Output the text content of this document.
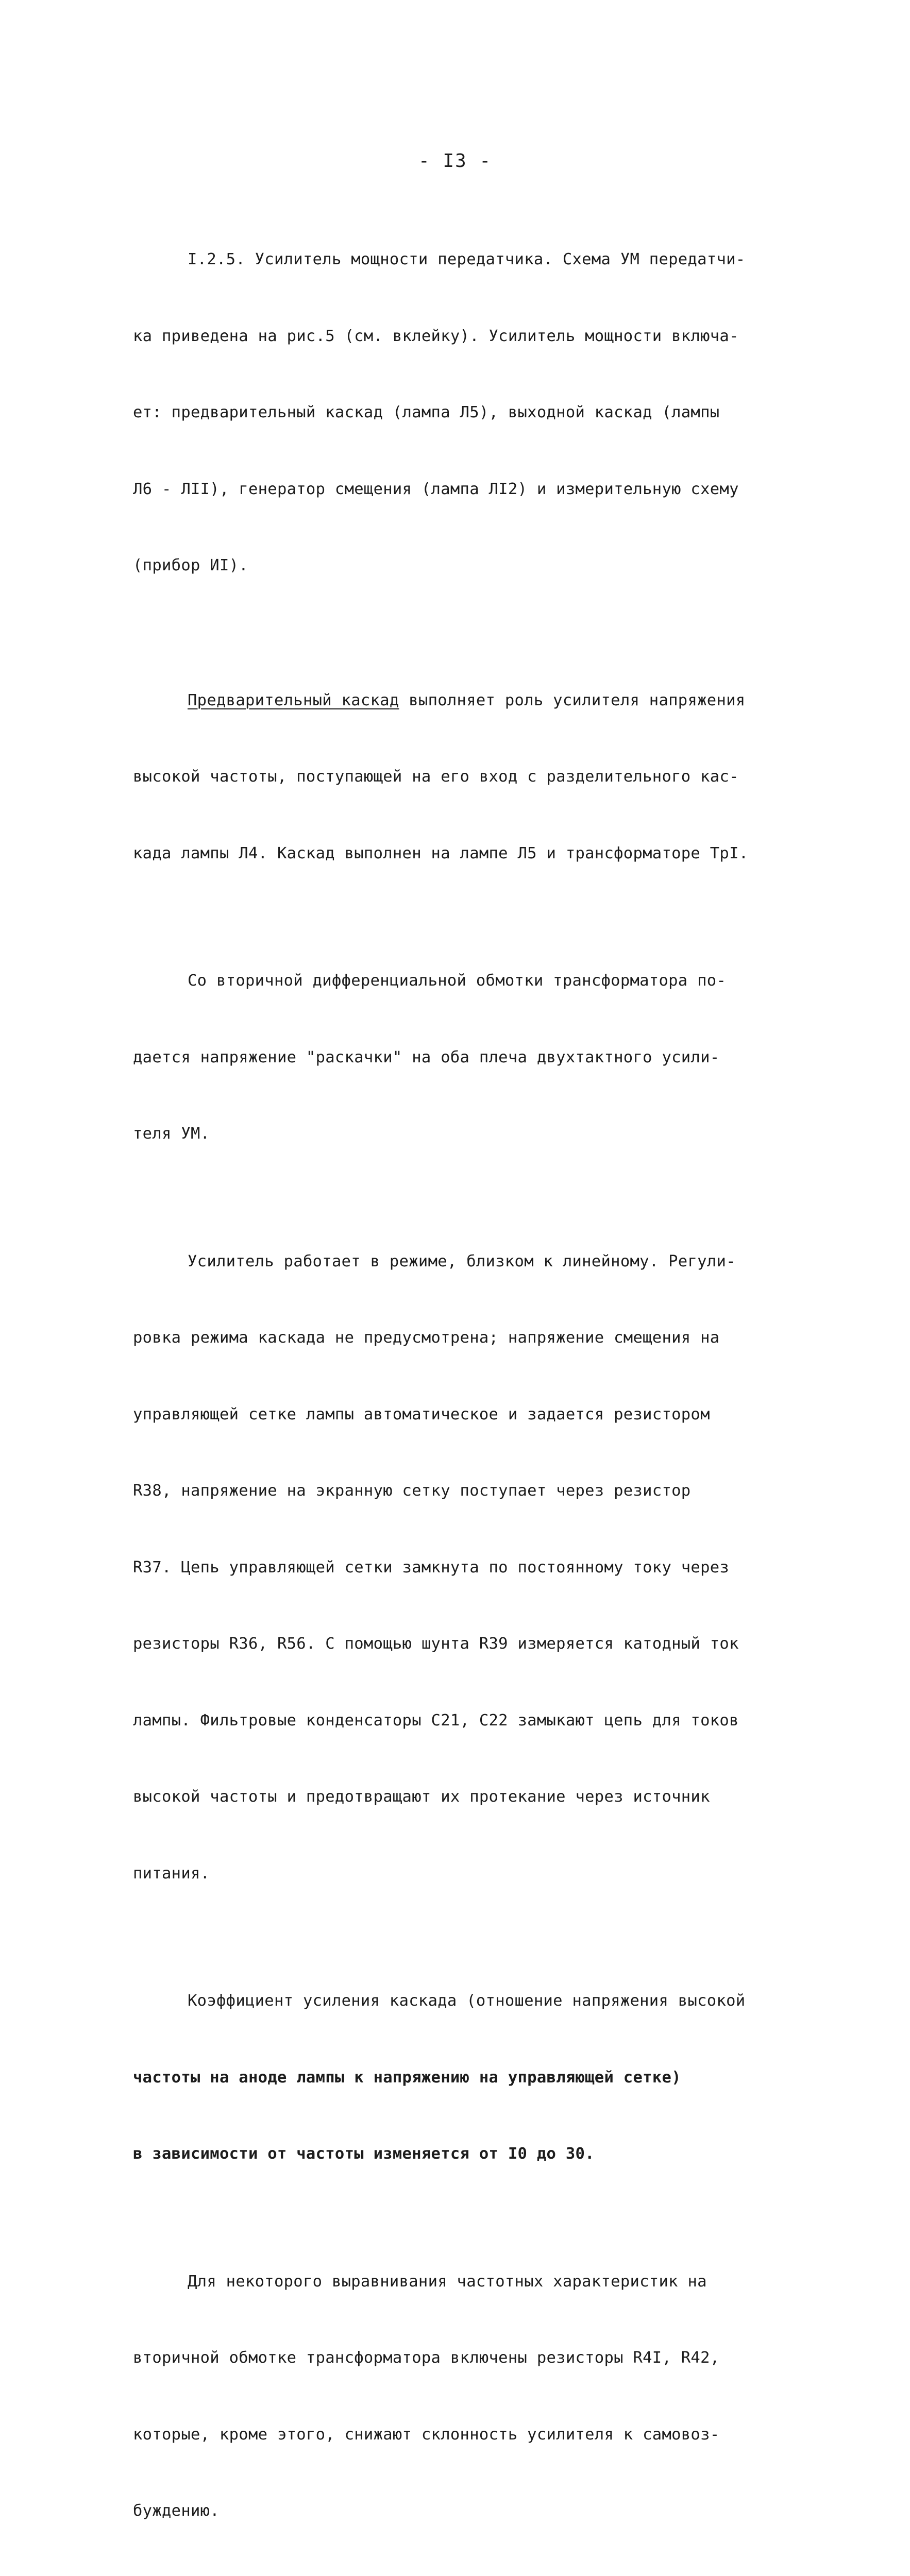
- I3 -

I.2.5. Усилитель мощности передатчика. Схема УМ передатчи-

ка приведена на рис.5 (см. вклейку). Усилитель мощности включа-

ет: предварительный каскад (лампа Л5), выходной каскад (лампы

Л6 - ЛII), генератор смещения (лампа ЛI2) и измерительную схему

(прибор ИI).

Предварительный каскад выполняет роль усилителя напряжения

высокой частоты, поступающей на его вход с разделительного кас-

када лампы Л4. Каскад выполнен на лампе Л5 и трансформаторе ТрI.

Со вторичной дифференциальной обмотки трансформатора по-

дается напряжение "раскачки" на оба плеча двухтактного усили-

теля УМ.

Усилитель работает в режиме, близком к линейному. Регули-

ровка режима каскада не предусмотрена; напряжение смещения на

управляющей сетке лампы автоматическое и задается резистором

R38, напряжение на экранную сетку поступает через резистор

R37. Цепь управляющей сетки замкнута по постоянному току через

резисторы R36, R56. С помощью шунта R39 измеряется катодный ток

лампы. Фильтровые конденсаторы С21, С22 замыкают цепь для токов

высокой частоты и предотвращают их протекание через источник

питания.

Коэффициент усиления каскада (отношение напряжения высокой

частоты на аноде лампы к напряжению на управляющей сетке)

в зависимости от частоты изменяется от I0 до 30.

Для некоторого выравнивания частотных характеристик на

вторичной обмотке трансформатора включены резисторы R4I, R42,

которые, кроме этого, снижают склонность усилителя к самовоз-

буждению.
